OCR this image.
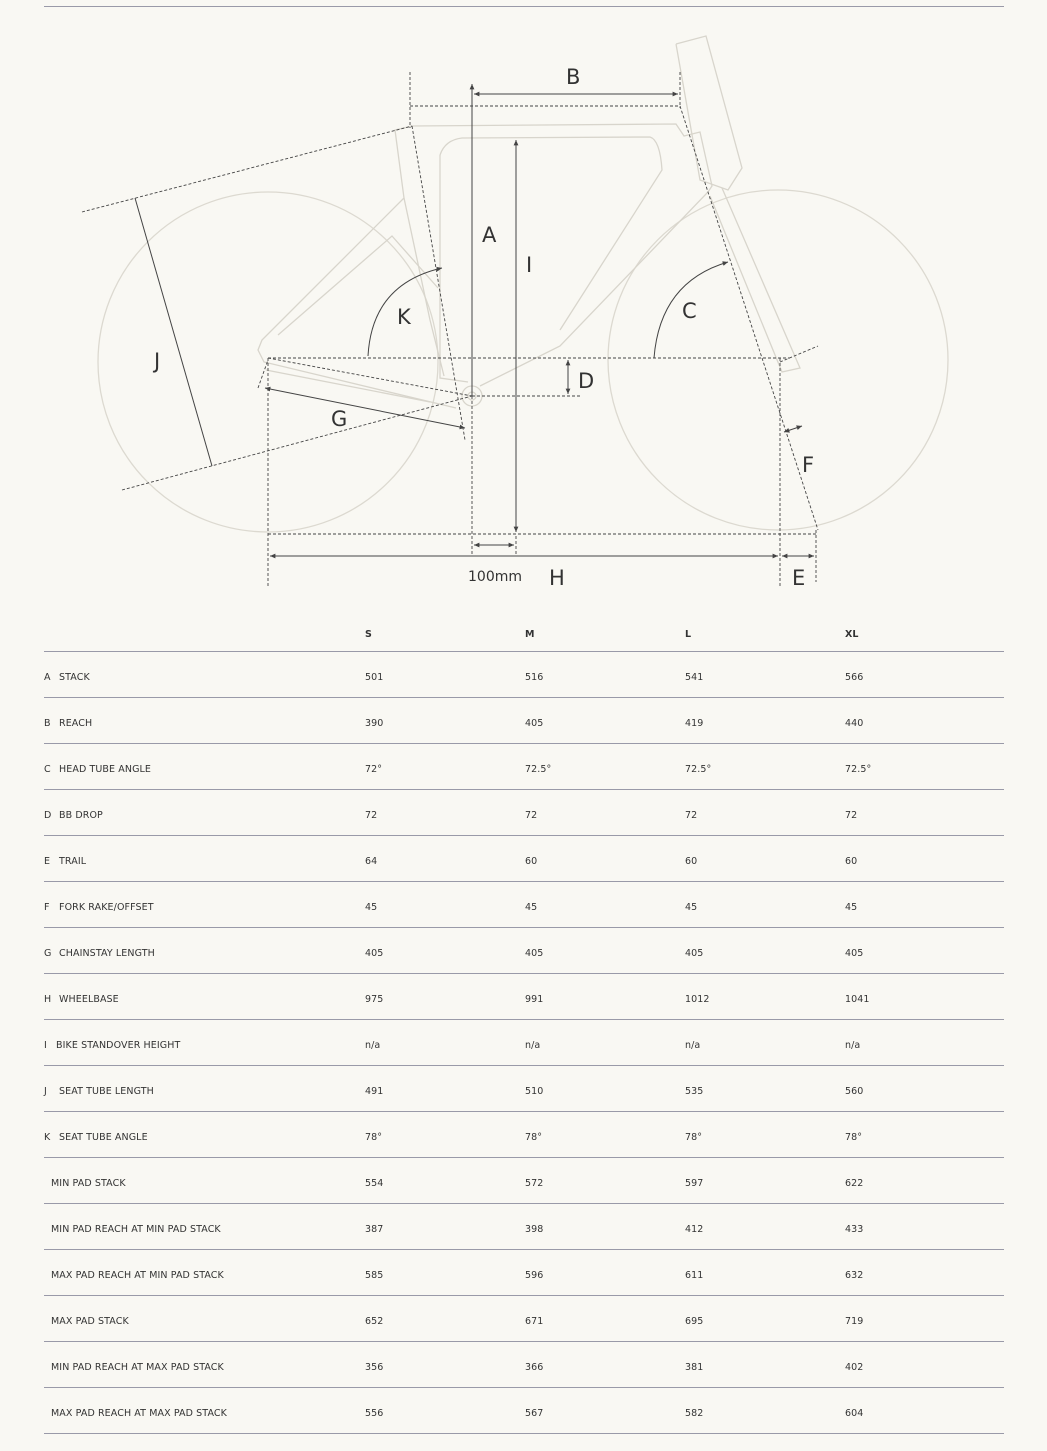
B
A
I
J
K	C
D
G
F
H	E
100mm
S	M	L	XL
A STACK	501	516	541	566
B REACH	390	405	419	440
C HEAD TUBE ANGLE	72°	72.5°	72.5°	72.5°
D BB DROP	72	72	72	72
E TRAIL	64	60	60	60
F FORK RAKE/OFFSET	45	45	45	45
G CHAINSTAY LENGTH	405	405	405	405
H WHEELBASE	975	991	1012	1041
I BIKE STANDOVER HEIGHT	n/a	n/a	n/a	n/a
J SEAT TUBE LENGTH	491	510	535	560
K SEAT TUBE ANGLE	78°	78°	78°	78°
MIN PAD STACK	554	572	597	622
MIN PAD REACH AT MIN PAD STACK	387	398	412	433
MAX PAD REACH AT MIN PAD STACK	585	596	611	632
MAX PAD STACK	652	671	695	719
MIN PAD REACH AT MAX PAD STACK	356	366	381	402
MAX PAD REACH AT MAX PAD STACK	556	567	582	604
